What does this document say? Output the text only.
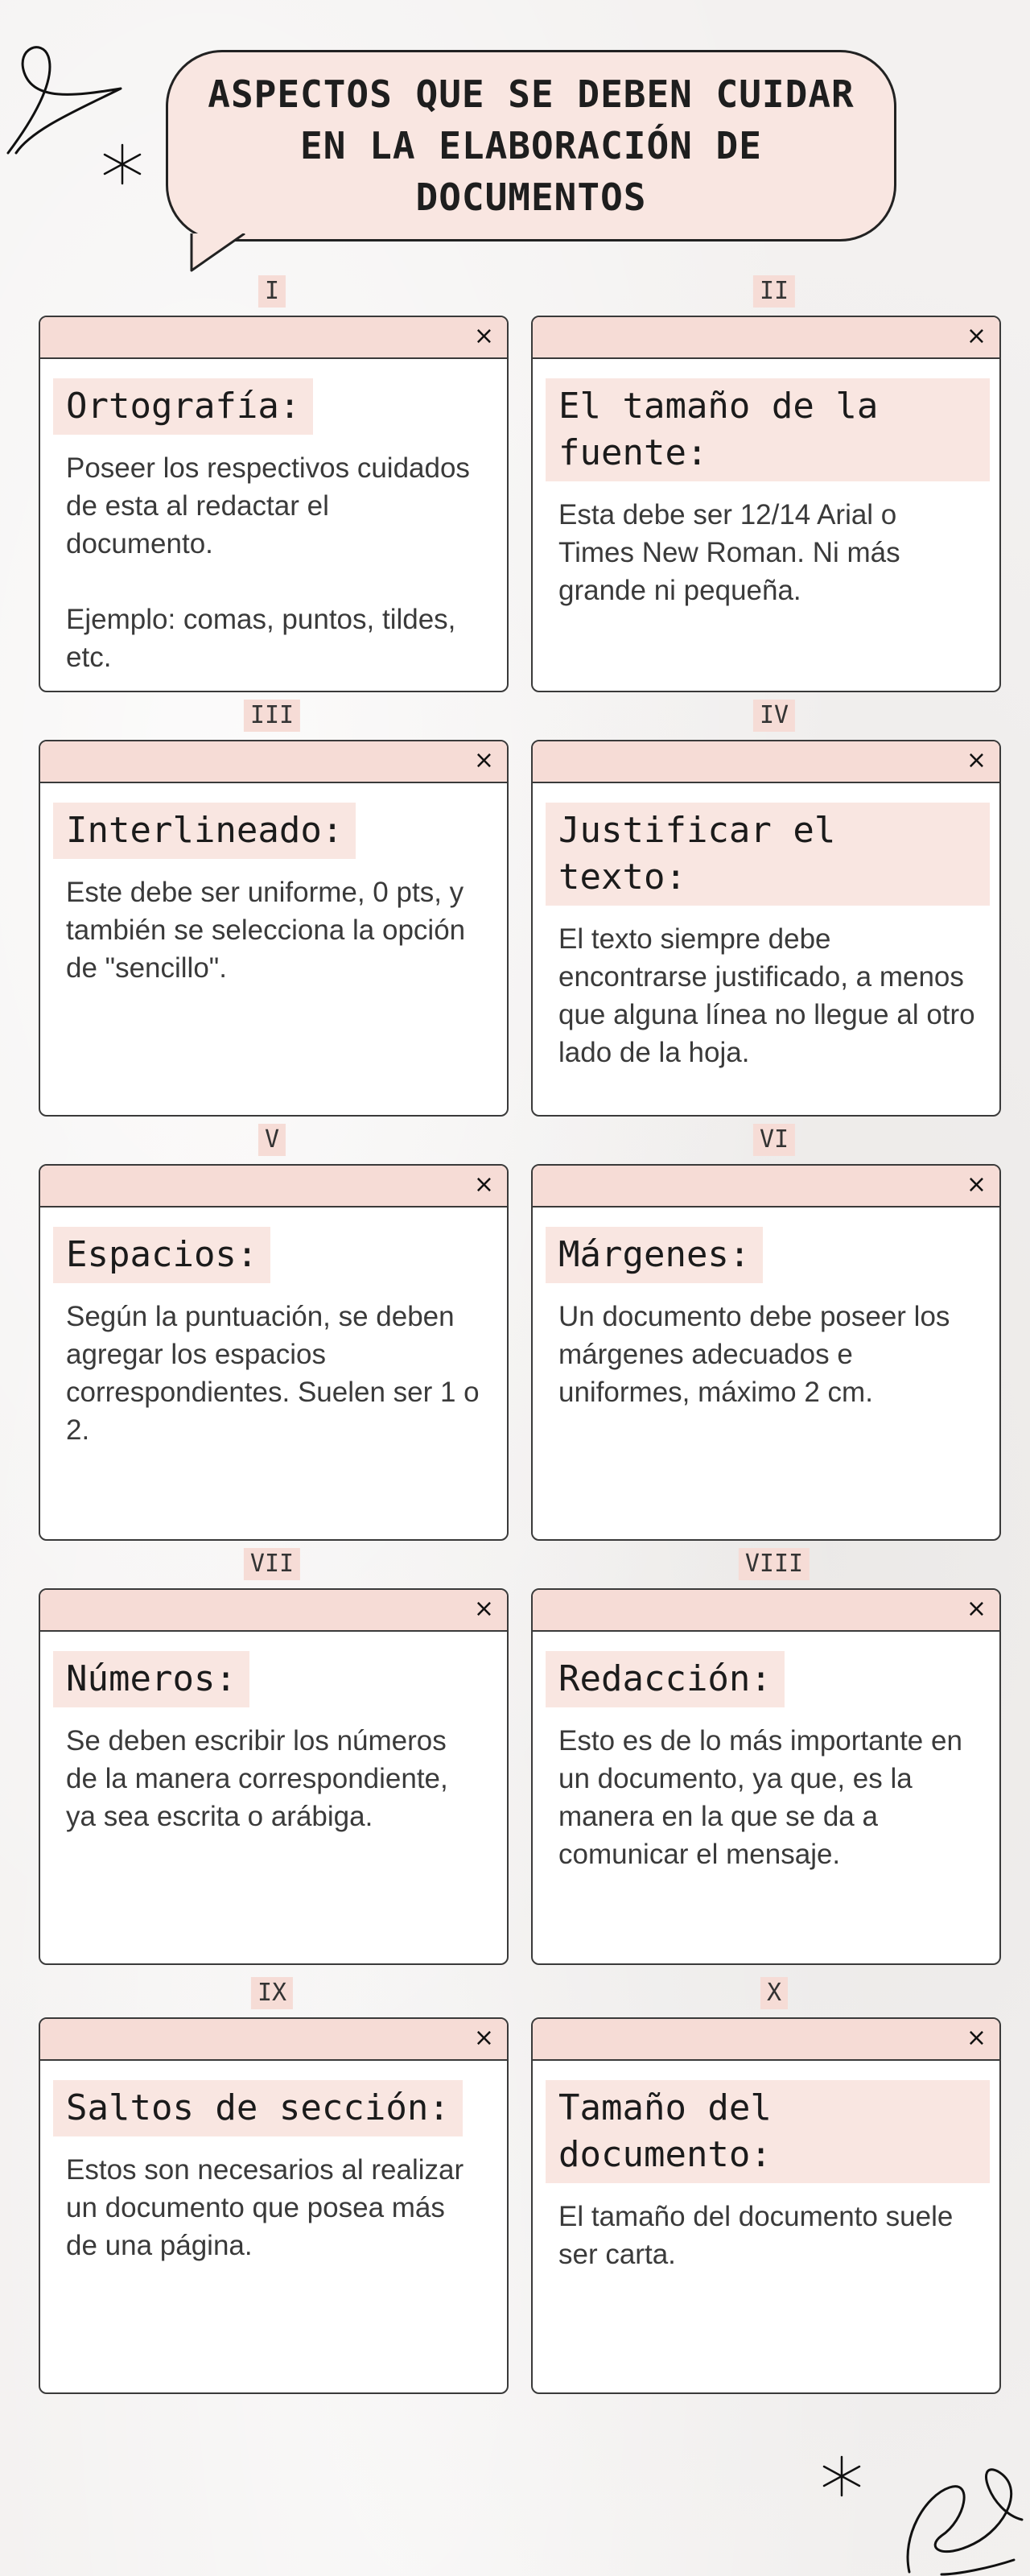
ASPECTOS QUE SE DEBEN CUIDAR
EN LA ELABORACIÓN DE
DOCUMENTOS
I
×
Ortografía:
Poseer los respectivos cuidados de esta al redactar el documento.

Ejemplo: comas, puntos, tildes, etc.
II
×
El tamaño de la fuente:
Esta debe ser 12/14 Arial o Times New Roman. Ni más grande ni pequeña.
III
×
Interlineado:
Este debe ser uniforme, 0 pts, y también se selecciona la opción de "sencillo".
IV
×
Justificar el texto:
El texto siempre debe encontrarse justificado, a menos que alguna línea no llegue al otro lado de la hoja.
V
×
Espacios:
Según la puntuación, se deben agregar los espacios correspondientes. Suelen ser 1 o 2.
VI
×
Márgenes:
Un documento debe poseer los márgenes adecuados e uniformes, máximo 2 cm.
VII
×
Números:
Se deben escribir los números de la manera correspondiente, ya sea escrita o arábiga.
VIII
×
Redacción:
Esto es de lo más importante en un documento, ya que, es la manera en la que se da a comunicar el mensaje.
IX
×
Saltos de sección:
Estos son necesarios al realizar un documento que posea más de una página.
X
×
Tamaño del documento:
El tamaño del documento suele ser carta.
